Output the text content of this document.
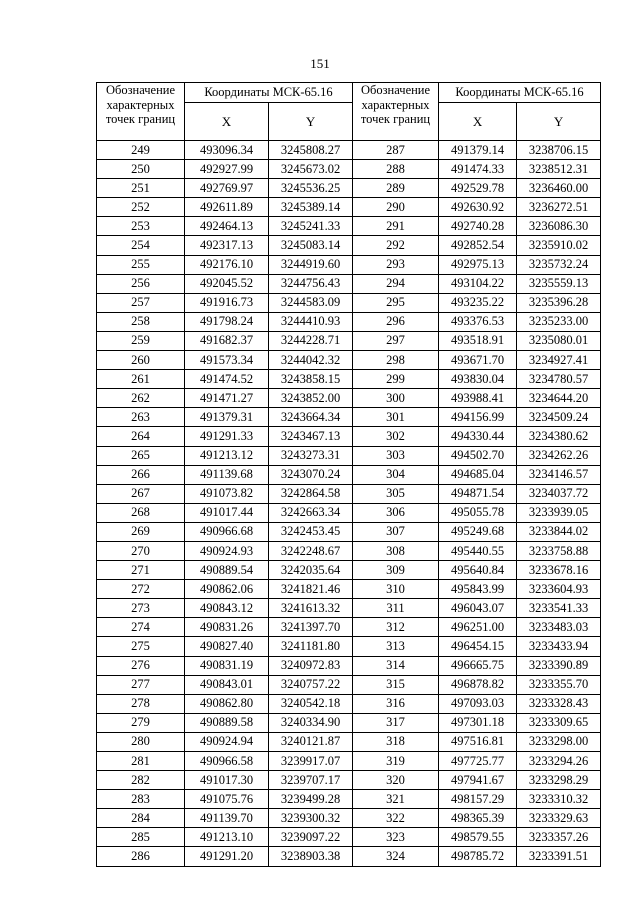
151
Обозначение
характерных
точек границ	Координаты МСК-65.16	
	X	Y
249	493096.34	3245808.27
250	492927.99	3245673.02
251	492769.97	3245536.25
252	492611.89	3245389.14
253	492464.13	3245241.33
254	492317.13	3245083.14
255	492176.10	3244919.60
256	492045.52	3244756.43
257	491916.73	3244583.09
258	491798.24	3244410.93
259	491682.37	3244228.71
260	491573.34	3244042.32
261	491474.52	3243858.15
262	491471.27	3243852.00
263	491379.31	3243664.34
264	491291.33	3243467.13
265	491213.12	3243273.31
266	491139.68	3243070.24
267	491073.82	3242864.58
268	491017.44	3242663.34
269	490966.68	3242453.45
270	490924.93	3242248.67
271	490889.54	3242035.64
272	490862.06	3241821.46
273	490843.12	3241613.32
274	490831.26	3241397.70
275	490827.40	3241181.80
276	490831.19	3240972.83
277	490843.01	3240757.22
278	490862.80	3240542.18
279	490889.58	3240334.90
280	490924.94	3240121.87
281	490966.58	3239917.07
282	491017.30	3239707.17
283	491075.76	3239499.28
284	491139.70	3239300.32
285	491213.10	3239097.22
286	491291.20	3238903.38
Обозначение
характерных
точек границ	Координаты МСК-65.16	
	X	Y
287	491379.14	3238706.15
288	491474.33	3238512.31
289	492529.78	3236460.00
290	492630.92	3236272.51
291	492740.28	3236086.30
292	492852.54	3235910.02
293	492975.13	3235732.24
294	493104.22	3235559.13
295	493235.22	3235396.28
296	493376.53	3235233.00
297	493518.91	3235080.01
298	493671.70	3234927.41
299	493830.04	3234780.57
300	493988.41	3234644.20
301	494156.99	3234509.24
302	494330.44	3234380.62
303	494502.70	3234262.26
304	494685.04	3234146.57
305	494871.54	3234037.72
306	495055.78	3233939.05
307	495249.68	3233844.02
308	495440.55	3233758.88
309	495640.84	3233678.16
310	495843.99	3233604.93
311	496043.07	3233541.33
312	496251.00	3233483.03
313	496454.15	3233433.94
314	496665.75	3233390.89
315	496878.82	3233355.70
316	497093.03	3233328.43
317	497301.18	3233309.65
318	497516.81	3233298.00
319	497725.77	3233294.26
320	497941.67	3233298.29
321	498157.29	3233310.32
322	498365.39	3233329.63
323	498579.55	3233357.26
324	498785.72	3233391.51
